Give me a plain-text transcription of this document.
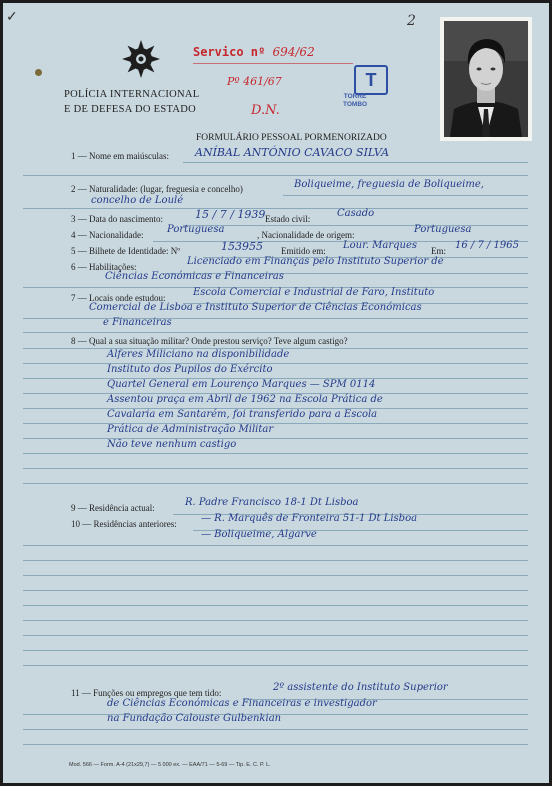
✓
POLÍCIA INTERNACIONAL
E DE DEFESA DO ESTADO
Servico nº 694/62
Pº 461/67
D.N.
2
T
TORRE
TOMBO
FORMULÁRIO PESSOAL PORMENORIZADO
1 — Nome em maiúsculas: ANÍBAL ANTÓNIO CAVACO SILVA
2 — Naturalidade: (lugar, freguesia e concelho)	Boliqueime, freguesia de Boliqueime,
concelho de Loulé
3 — Data do nascimento:	15 / 7 / 1939 Estado civil:	Casado
4 — Nacionalidade: Portuguesa	, Nacionalidade de origem:	Portuguesa
5 — Bilhete de Identidade: Nº	153955 Emitido em: Lour. Marques Em: 16 / 7 / 1965
6 — Habilitações:	Licenciado em Finanças pelo Instituto Superior de
Ciências Económicas e Financeiras
7 — Locais onde estudou:	Escola Comercial e Industrial de Faro, Instituto
Comercial de Lisboa e Instituto Superior de Ciências Económicas
e Financeiras
8 — Qual a sua situação militar? Onde prestou serviço? Teve algum castigo?
Alferes Miliciano na disponibilidade
Instituto dos Pupilos do Exército
Quartel General em Lourenço Marques — SPM 0114
Assentou praça em Abril de 1962 na Escola Prática de
Cavalaria em Santarém, foi transferido para a Escola
Prática de Administração Militar
Não teve nenhum castigo
9 — Residência actual:	R. Padre Francisco 18-1 Dt Lisboa
10 — Residências anteriores: — R. Marquês de Fronteira 51-1 Dt Lisboa
— Boliqueime, Algarve
11 — Funções ou empregos que tem tido:	2º assistente do Instituto Superior
de Ciências Económicas e Financeiras e investigador
na Fundação Calouste Gulbenkian
Mod. 566 — Form. A-4 (21x29,7) — 5 000 ex. — EAA/71 — 5-69 — Tip. E. C. P. L.
